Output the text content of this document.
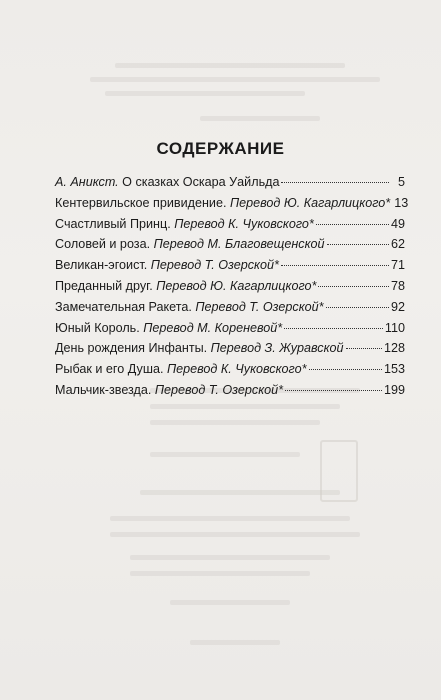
СОДЕРЖАНИЕ
А. Аникст. О сказках Оскара Уайльда	5
Кентервильское привидение. Перевод Ю. Кагарлицкого* 13
Счастливый Принц. Перевод К. Чуковского*	49
Соловей и роза. Перевод М. Благовещенской	62
Великан-эгоист. Перевод Т. Озерской*	71
Преданный друг. Перевод Ю. Кагарлицкого*	78
Замечательная Ракета. Перевод Т. Озерской*	92
Юный Король. Перевод М. Кореневой*	110
День рождения Инфанты. Перевод З. Журавской	128
Рыбак и его Душа. Перевод К. Чуковского*	153
Мальчик-звезда. Перевод Т. Озерской*	199
